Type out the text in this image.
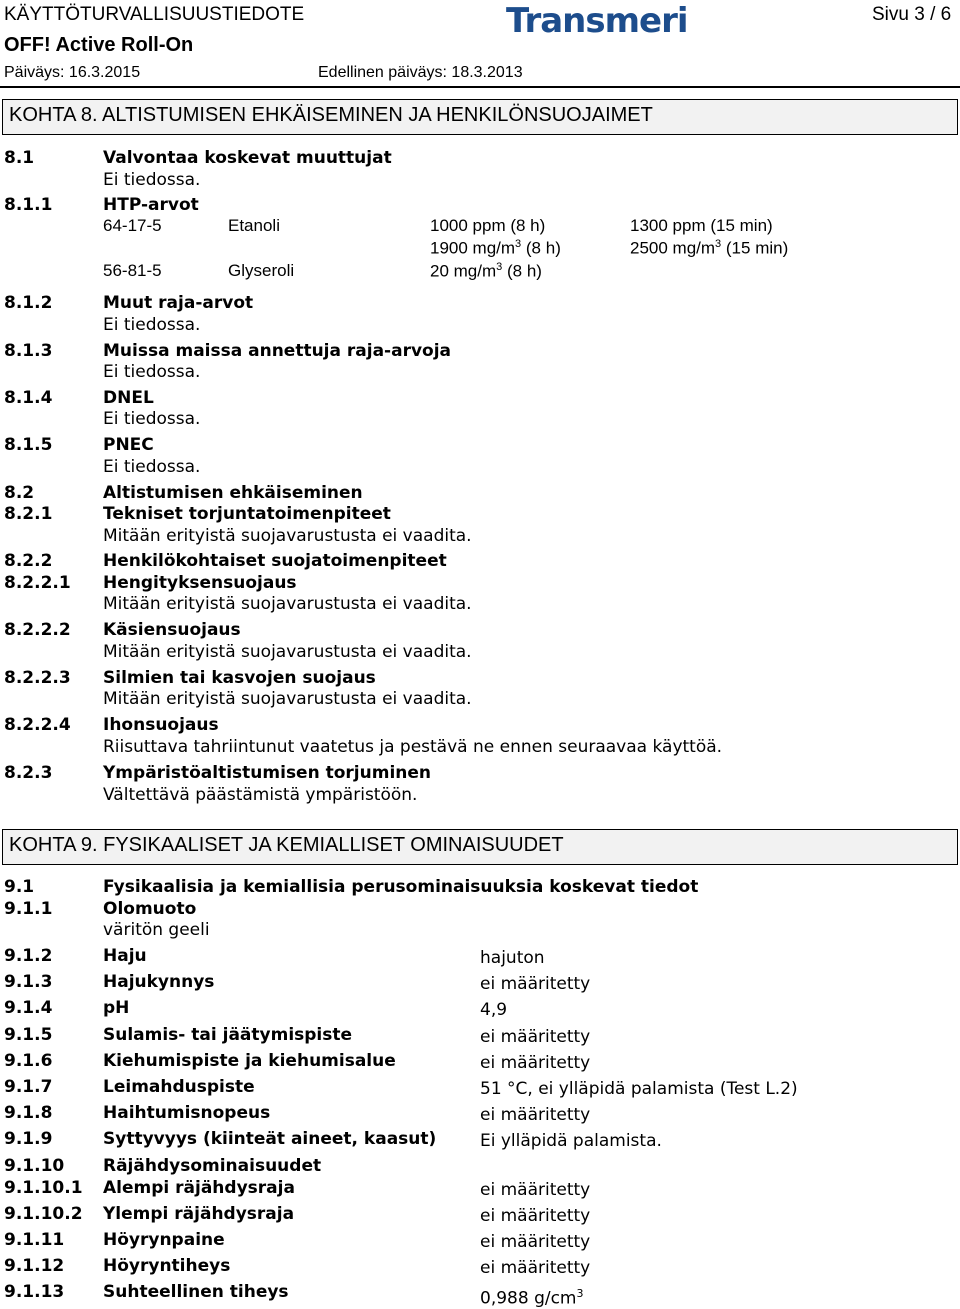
KÄYTTÖTURVALLISUUSTIEDOTE
OFF! Active Roll-On
Päiväys: 16.3.2015	Edellinen päiväys: 18.3.2013
Transmeri	Sivu 3 / 6
KOHTA 8. ALTISTUMISEN EHKÄISEMINEN JA HENKILÖNSUOJAIMET
8.1	Valvontaa koskevat muuttujat
Ei tiedossa.
8.1.1	HTP-arvot
64-17-5	Etanoli	1000 ppm (8 h)	1300 ppm (15 min)
1900 $mg/m^3$ (8 h)	2500 $mg/m^3$ (15 min)
56-81-5	Glyseroli	20 $mg/m^3$ (8 h)
8.1.2	Muut raja-arvot
Ei tiedossa.
8.1.3	Muissa maissa annettuja raja-arvoja
Ei tiedossa.
8.1.4	DNEL
Ei tiedossa.
8.1.5	PNEC
Ei tiedossa.
8.2	Altistumisen ehkäiseminen
8.2.1	Tekniset torjuntatoimenpiteet
Mitään erityistä suojavarustusta ei vaadita.
8.2.2	Henkilökohtaiset suojatoimenpiteet
8.2.2.1 Hengityksensuojaus
Mitään erityistä suojavarustusta ei vaadita.
8.2.2.2 Käsiensuojaus
Mitään erityistä suojavarustusta ei vaadita.
8.2.2.3 Silmien tai kasvojen suojaus
Mitään erityistä suojavarustusta ei vaadita.
8.2.2.4 Ihonsuojaus
Riisuttava tahriintunut vaatetus ja pestävä ne ennen seuraavaa käyttöä.
8.2.3	Ympäristöaltistumisen torjuminen
Vältettävä päästämistä ympäristöön.
KOHTA 9. FYSIKAALISET JA KEMIALLISET OMINAISUUDET
9.1	Fysikaalisia ja kemiallisia perusominaisuuksia koskevat tiedot
9.1.1	Olomuoto
väritön geeli
9.1.2	Haju	hajuton
9.1.3	Hajukynnys	ei määritetty
9.1.4	pH	4,9
9.1.5	Sulamis- tai jäätymispiste	ei määritetty
9.1.6	Kiehumispiste ja kiehumisalue	ei määritetty
9.1.7	Leimahduspiste	51 °C, ei ylläpidä palamista (Test L.2)
9.1.8	Haihtumisnopeus	ei määritetty
9.1.9	Syttyvyys (kiinteät aineet, kaasut)	Ei ylläpidä palamista.
9.1.10 Räjähdysominaisuudet
9.1.10.1 Alempi räjähdysraja	ei määritetty
9.1.10.2 Ylempi räjähdysraja	ei määritetty
9.1.11 Höyrynpaine	ei määritetty
9.1.12 Höyryntiheys	ei määritetty
9.1.13 Suhteellinen tiheys	0,988 $g/cm^3$
